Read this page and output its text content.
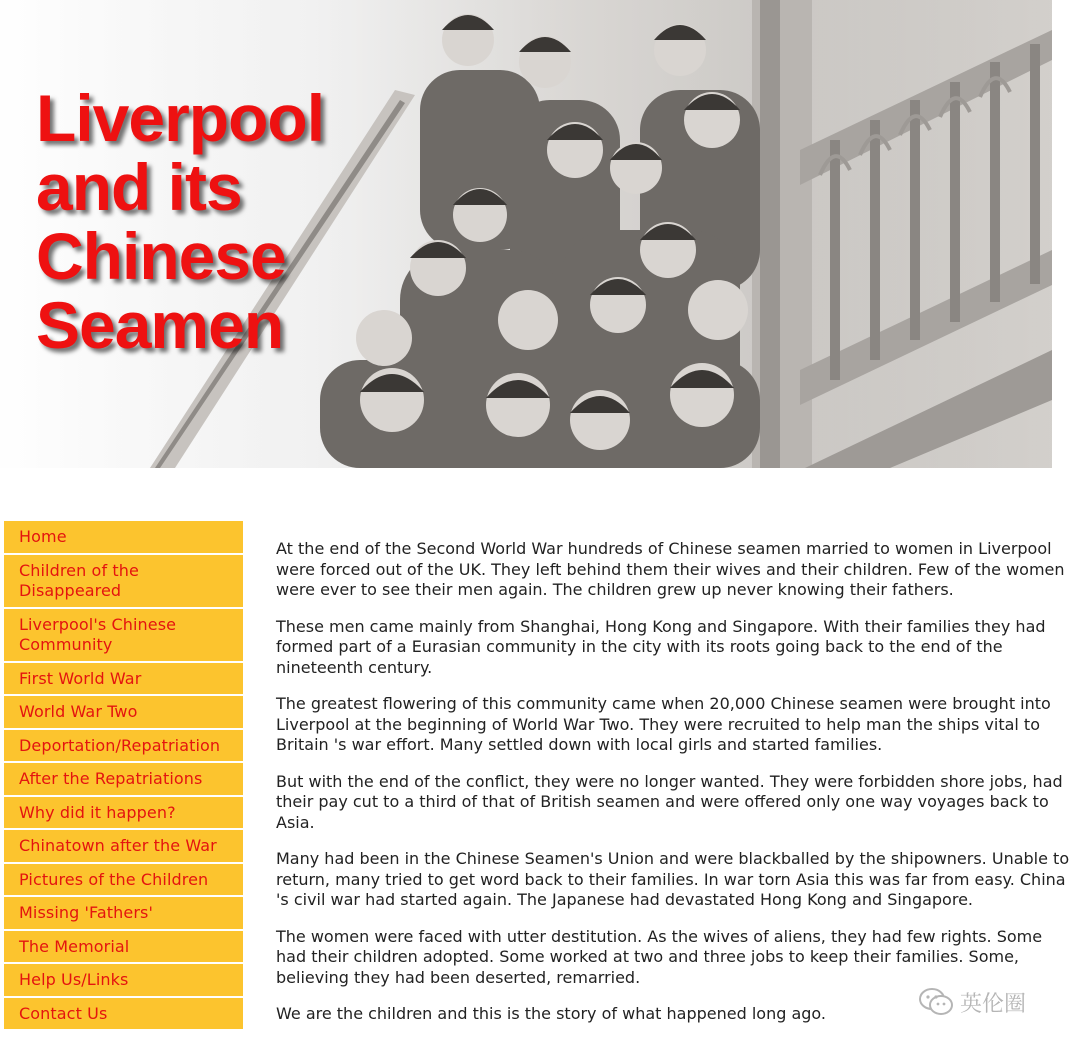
Liverpool
and its
Chinese
Seamen
Home
Children of the Disappeared
Liverpool's Chinese Community
First World War
World War Two
Deportation/Repatriation
After the Repatriations
Why did it happen?
Chinatown after the War
Pictures of the Children
Missing 'Fathers'
The Memorial
Help Us/Links
Contact Us

At the end of the Second World War hundreds of Chinese seamen married to women in Liverpool were forced out of the UK. They left behind them their wives and their children. Few of the women were ever to see their men again. The children grew up never knowing their fathers.

These men came mainly from Shanghai, Hong Kong and Singapore. With their families they had formed part of a Eurasian community in the city with its roots going back to the end of the nineteenth century.

The greatest flowering of this community came when 20,000 Chinese seamen were brought into Liverpool at the beginning of World War Two. They were recruited to help man the ships vital to Britain 's war effort. Many settled down with local girls and started families.

But with the end of the conflict, they were no longer wanted. They were forbidden shore jobs, had their pay cut to a third of that of British seamen and were offered only one way voyages back to Asia.

Many had been in the Chinese Seamen's Union and were blackballed by the shipowners. Unable to return, many tried to get word back to their families. In war torn Asia this was far from easy. China 's civil war had started again. The Japanese had devastated Hong Kong and Singapore.

The women were faced with utter destitution. As the wives of aliens, they had few rights. Some had their children adopted. Some worked at two and three jobs to keep their families. Some, believing they had been deserted, remarried.

We are the children and this is the story of what happened long ago.	英伦圈
